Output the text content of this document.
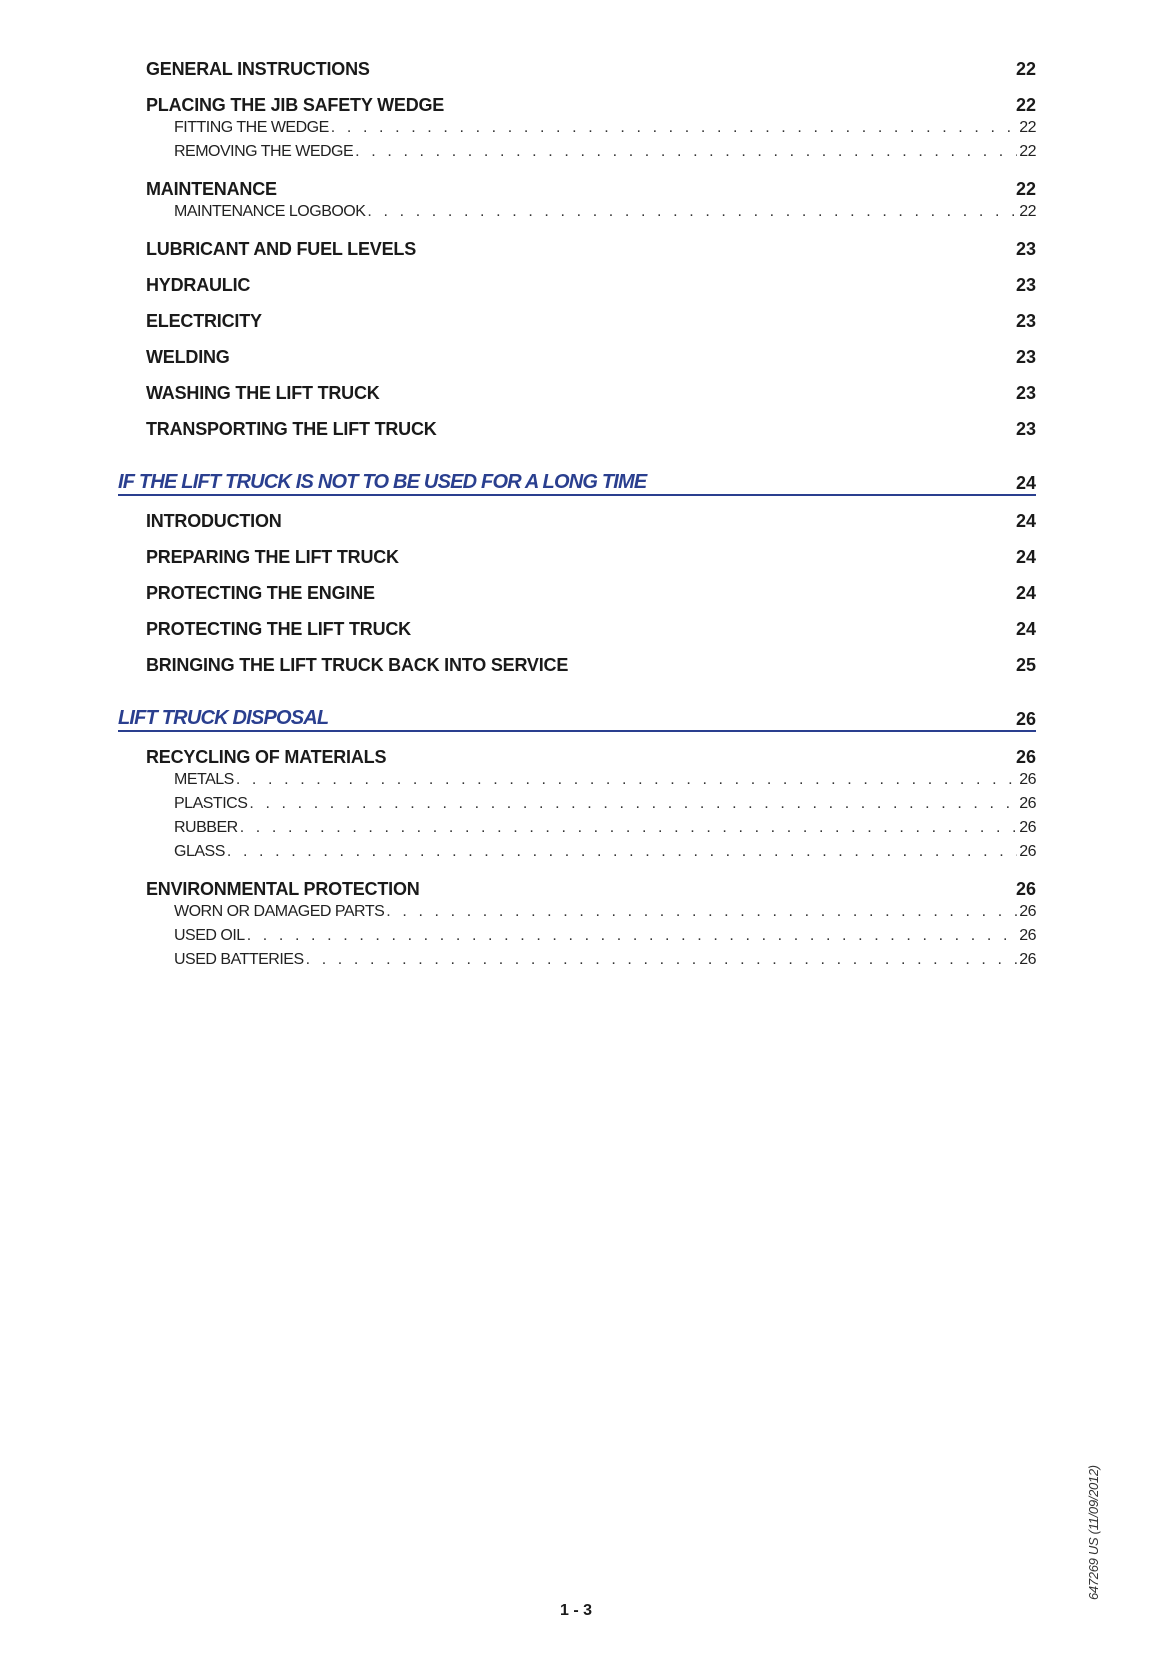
GENERAL INSTRUCTIONS	22
PLACING THE JIB SAFETY WEDGE	22
FITTING THE WEDGE . . .	22
REMOVING THE WEDGE . . .	22
MAINTENANCE	22
MAINTENANCE LOGBOOK . . .	22
LUBRICANT AND FUEL LEVELS	23
HYDRAULIC	23
ELECTRICITY	23
WELDING	23
WASHING THE LIFT TRUCK	23
TRANSPORTING THE LIFT TRUCK	23
IF THE LIFT TRUCK IS NOT TO BE USED FOR A LONG TIME	24
INTRODUCTION	24
PREPARING THE LIFT TRUCK	24
PROTECTING THE ENGINE	24
PROTECTING THE LIFT TRUCK	24
BRINGING THE LIFT TRUCK BACK INTO SERVICE	25
LIFT TRUCK DISPOSAL	26
RECYCLING OF MATERIALS	26
METALS . . .	26
PLASTICS . . .	26
RUBBER . . .	26
GLASS . . .	26
ENVIRONMENTAL PROTECTION	26
WORN OR DAMAGED PARTS . . .	26
USED OIL . . .	26
USED BATTERIES . . .	26
1 - 3
647269 US (11/09/2012)
